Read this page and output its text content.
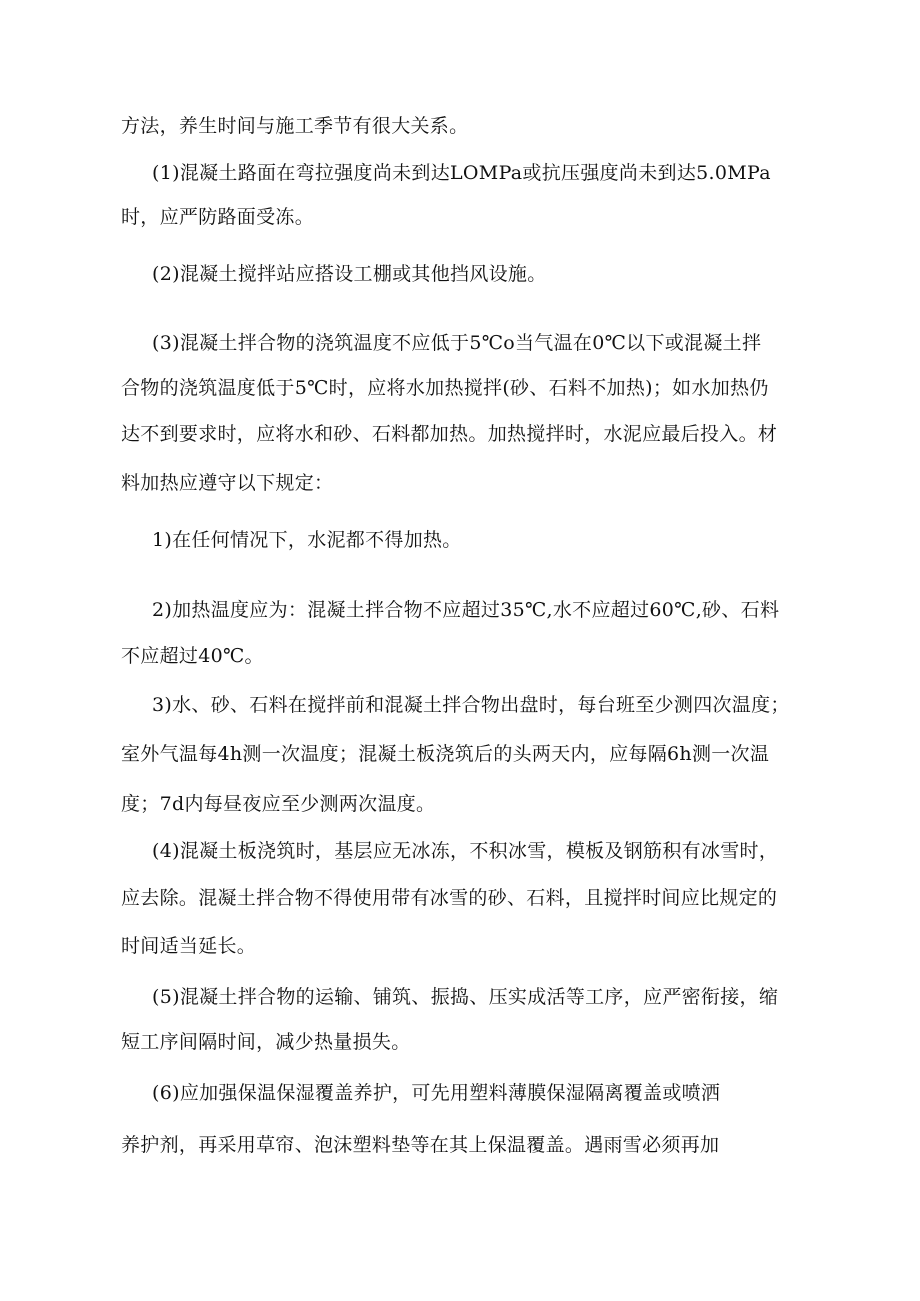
方法，养生时间与施工季节有很大关系。
(1)混凝土路面在弯拉强度尚未到达LOMPa或抗压强度尚未到达5.0MPa
时，应严防路面受冻。
(2)混凝土搅拌站应搭设工棚或其他挡风设施。
(3)混凝土拌合物的浇筑温度不应低于5℃o当气温在0℃以下或混凝土拌
合物的浇筑温度低于5℃时，应将水加热搅拌(砂、石料不加热)；如水加热仍
达不到要求时，应将水和砂、石料都加热。加热搅拌时，水泥应最后投入。材
料加热应遵守以下规定：
1)在任何情况下，水泥都不得加热。
2)加热温度应为：混凝土拌合物不应超过35℃,水不应超过60℃,砂、石料
不应超过40℃。
3)水、砂、石料在搅拌前和混凝土拌合物出盘时，每台班至少测四次温度；
室外气温每4h测一次温度；混凝土板浇筑后的头两天内，应每隔6h测一次温
度；7d内每昼夜应至少测两次温度。
(4)混凝土板浇筑时，基层应无冰冻，不积冰雪，模板及钢筋积有冰雪时，
应去除。混凝土拌合物不得使用带有冰雪的砂、石料，且搅拌时间应比规定的
时间适当延长。
(5)混凝土拌合物的运输、铺筑、振捣、压实成活等工序，应严密衔接，缩
短工序间隔时间，减少热量损失。
(6)应加强保温保湿覆盖养护，可先用塑料薄膜保湿隔离覆盖或喷洒
养护剂，再采用草帘、泡沫塑料垫等在其上保温覆盖。遇雨雪必须再加
